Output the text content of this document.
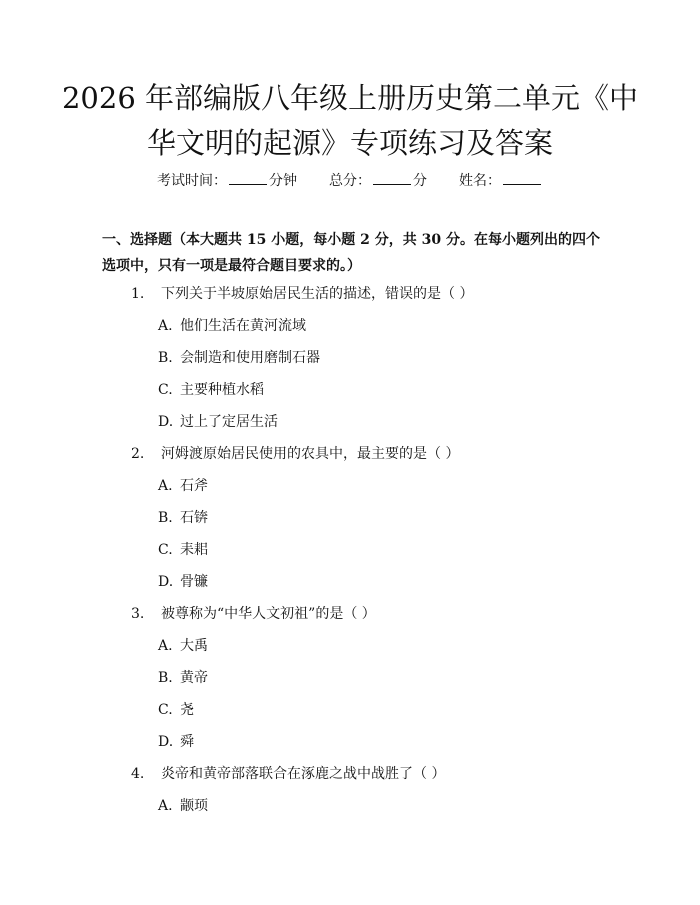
2026 年部编版八年级上册历史第二单元《中
华文明的起源》专项练习及答案
考试时间：	分钟 总分：	分 姓名：
一、选择题（本大题共 15 小题，每小题 2 分，共 30 分。在每小题列出的四个选项中，只有一项是最符合题目要求的。）
1. 下列关于半坡原始居民生活的描述，错误的是（ ）
A. 他们生活在黄河流域
B. 会制造和使用磨制石器
C. 主要种植水稻
D. 过上了定居生活
2. 河姆渡原始居民使用的农具中，最主要的是（ ）
A. 石斧
B. 石锛
C. 耒耜
D. 骨镰
3. 被尊称为“中华人文初祖”的是（ ）
A. 大禹
B. 黄帝
C. 尧
D. 舜
4. 炎帝和黄帝部落联合在涿鹿之战中战胜了（ ）
A. 颛顼
